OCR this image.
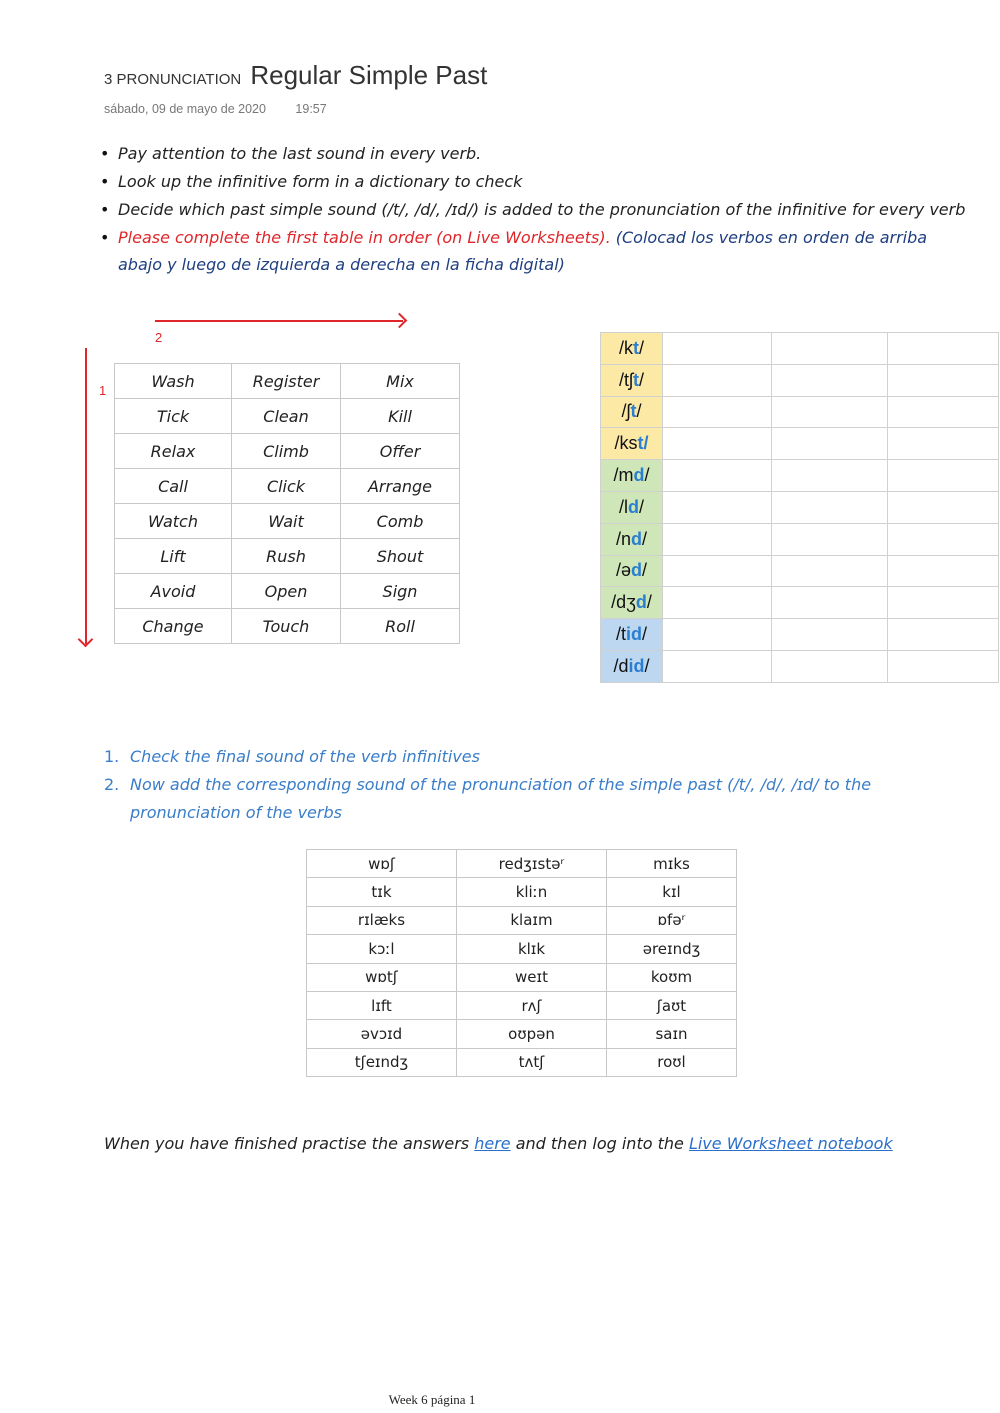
3 PRONUNCIATION Regular Simple Past
sábado, 09 de mayo de 2020 19:57
• Pay attention to the last sound in every verb.
• Look up the infinitive form in a dictionary to check
• Decide which past simple sound (/t/, /d/, /ɪd/) is added to the pronunciation of the infinitive for every verb
• Please complete the first table in order (on Live Worksheets). (Colocad los verbos en orden de arriba abajo y luego de izquierda a derecha en la ficha digital)
2
1	Wash	Register	Mix
Tick	Clean	Kill
Relax	Climb	Offer
Call	Click	Arrange
Watch	Wait	Comb
Lift	Rush	Shout
Avoid	Open	Sign
Change	Touch	Roll
/kt/			
/tʃt/			
/ʃt/			
/kst/			
/md/			
/ld/			
/nd/			
/əd/			
/dʒd/			
/tid/			
/did/			
1. Check the final sound of the verb infinitives
2. Now add the corresponding sound of the pronunciation of the simple past (/t/, /d/, /ɪd/ to the pronunciation of the verbs
wɒʃ	redʒɪstəʳ	mɪks
tɪk	kliːn	kɪl
rɪlæks	klaɪm	ɒfəʳ
kɔːl	klɪk	əreɪndʒ
wɒtʃ	weɪt	koʊm
lɪft	rʌʃ	ʃaʊt
əvɔɪd	oʊpən	saɪn
tʃeɪndʒ	tʌtʃ	roʊl
When you have finished practise the answers here and then log into the Live Worksheet notebook
Week 6 página 1
